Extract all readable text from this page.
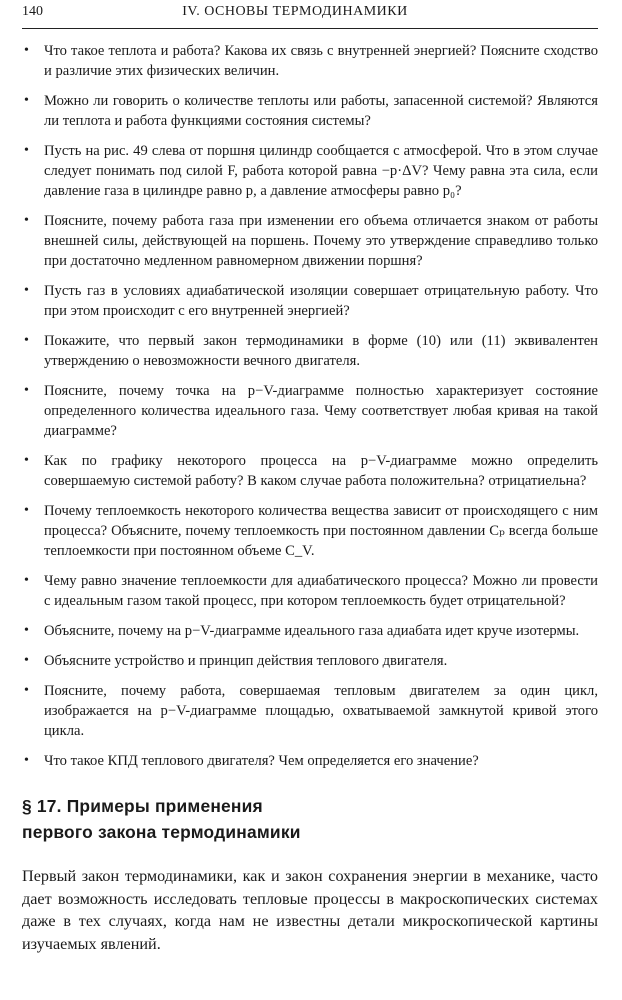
140	IV. ОСНОВЫ ТЕРМОДИНАМИКИ
• Что такое теплота и работа? Какова их связь с внутренней энергией? Поясните сходство и различие этих физических величин.
• Можно ли говорить о количестве теплоты или работы, запасенной системой? Являются ли теплота и работа функциями состояния системы?
• Пусть на рис. 49 слева от поршня цилиндр сообщается с атмосферой. Что в этом случае следует понимать под силой F, работа которой равна −p·ΔV? Чему равна эта сила, если давление газа в цилиндре равно p, а давление атмосферы равно p₀?
• Поясните, почему работа газа при изменении его объема отличается знаком от работы внешней силы, действующей на поршень. Почему это утверждение справедливо только при достаточно медленном равномерном движении поршня?
• Пусть газ в условиях адиабатической изоляции совершает отрицательную работу. Что при этом происходит с его внутренней энергией?
• Покажите, что первый закон термодинамики в форме (10) или (11) эквивалентен утверждению о невозможности вечного двигателя.
• Поясните, почему точка на p−V-диаграмме полностью характеризует состояние определенного количества идеального газа. Чему соответствует любая кривая на такой диаграмме?
• Как по графику некоторого процесса на p−V-диаграмме можно определить совершаемую системой работу? В каком случае работа положительна? отрицатиельна?
• Почему теплоемкость некоторого количества вещества зависит от происходящего с ним процесса? Объясните, почему теплоемкость при постоянном давлении Cₚ всегда больше теплоемкости при постоянном объеме C_V.
• Чему равно значение теплоемкости для адиабатического процесса? Можно ли провести с идеальным газом такой процесс, при котором теплоемкость будет отрицательной?
• Объясните, почему на p−V-диаграмме идеального газа адиабата идет круче изотермы.
• Объясните устройство и принцип действия теплового двигателя.
• Поясните, почему работа, совершаемая тепловым двигателем за один цикл, изображается на p−V-диаграмме площадью, охватываемой замкнутой кривой этого цикла.
• Что такое КПД теплового двигателя? Чем определяется его значение?
§ 17. Примеры применения
первого закона термодинамики

Первый закон термодинамики, как и закон сохранения энергии в механике, часто дает возможность исследовать тепловые процессы в макроскопических системах даже в тех случаях, когда нам не известны детали микроскопической картины изучаемых явлений.
